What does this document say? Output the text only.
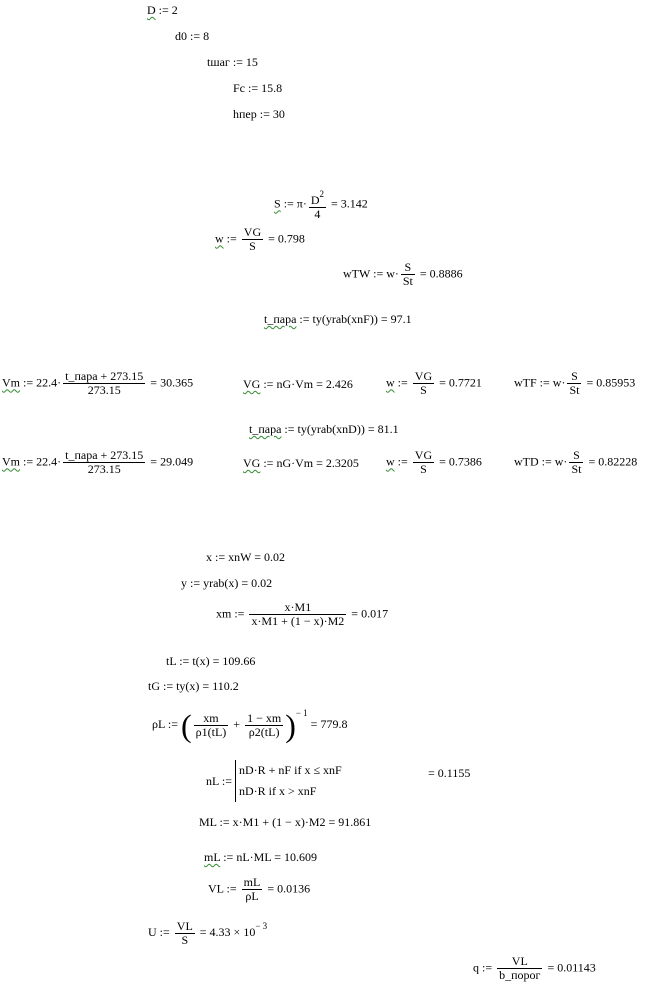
D := 2
d0 := 8
tшаг := 15
Fc := 15.8
hпер := 30
S := $\pi\cdot \frac{D^2}{4} = 3.142$
w := $\frac{VG}{S} = 0.798$
wTW := $w\cdot \frac{S}{St} = 0.8886$
t_пара := ty(yrab(xnF)) = 97.1
Vm := $22.4\cdot \frac{\text{t\_пара + 273.15}}{273.15} = 30.365$	VG := nG·Vm = 2.426	w := $\frac{VG}{S} = 0.7721$	wTF := $w\cdot \frac{S}{St} = 0.85953$
t_пара := ty(yrab(xnD)) = 81.1
Vm := $22.4\cdot \frac{\text{t\_пара + 273.15}}{273.15} = 29.049$	VG := nG·Vm = 2.3205 w := $\frac{VG}{S} = 0.7386$	wTD := $w\cdot \frac{S}{St} = 0.82228$
x := xnW = 0.02
y := yrab(x) = 0.02
xm := $\frac{x\cdot M1}{x\cdot M1 + (1 - x)\cdot M2} = 0.017$
tL := t(x) = 109.66
tG := ty(x) = 110.2
ρL := ( $\frac{xm}{\rho 1(tL)} + \frac{1 - xm}{\rho 2(tL)} )^{- 1} = 779.8$
nL :=
nD·R + nF if x ≤ xnF
nD·R if x > xnF
= 0.1155
ML := x·M1 + (1 − x)·M2 = 91.861
mL := nL·ML = 10.609
VL := $\frac{mL}{\rho L} = 0.0136$
U := $\frac{VL}{S} = 4.33 \times 10^{- 3}$
q := $\frac{VL}{\text{b\_порог}} = 0.01143$
